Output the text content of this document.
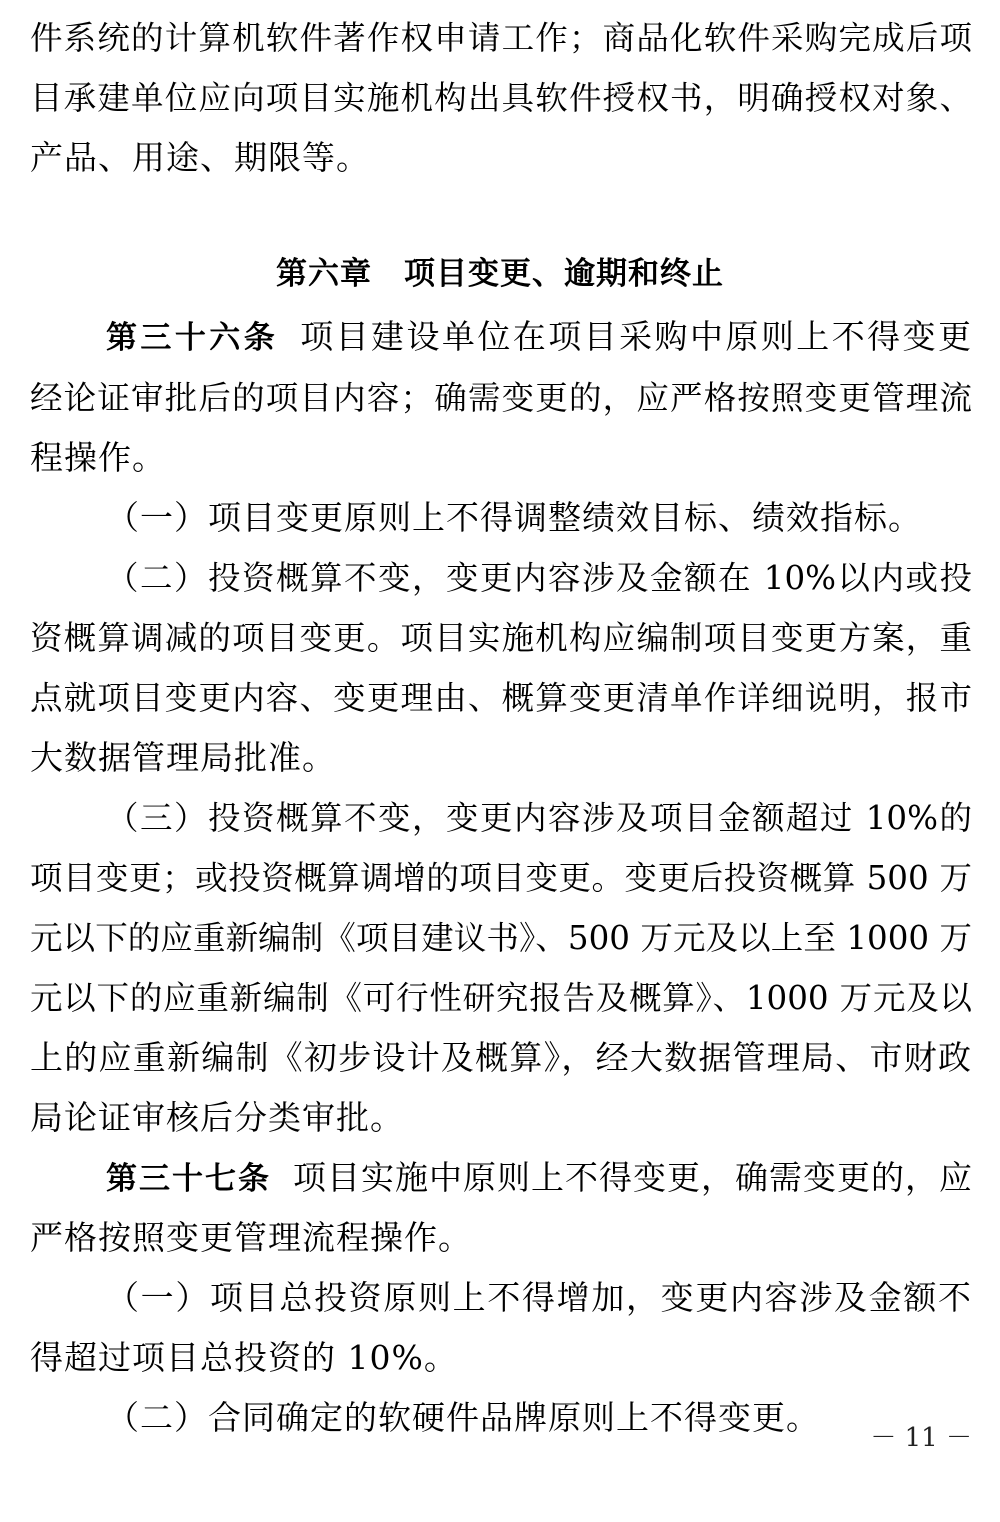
件系统的计算机软件著作权申请工作；商品化软件采购完成后项
目承建单位应向项目实施机构出具软件授权书，明确授权对象、
产品、用途、期限等。
第六章　项目变更、逾期和终止
第三十六条 项目建设单位在项目采购中原则上不得变更
经论证审批后的项目内容；确需变更的，应严格按照变更管理流
程操作。
（一）项目变更原则上不得调整绩效目标、绩效指标。
（二）投资概算不变，变更内容涉及金额在 10%以内或投
资概算调减的项目变更。项目实施机构应编制项目变更方案，重
点就项目变更内容、变更理由、概算变更清单作详细说明，报市
大数据管理局批准。
（三）投资概算不变，变更内容涉及项目金额超过 10%的
项目变更；或投资概算调增的项目变更。变更后投资概算 500 万
元以下的应重新编制《项目建议书》、500 万元及以上至 1000 万
元以下的应重新编制《可行性研究报告及概算》、1000 万元及以
上的应重新编制《初步设计及概算》，经大数据管理局、市财政
局论证审核后分类审批。
第三十七条 项目实施中原则上不得变更，确需变更的，应
严格按照变更管理流程操作。
（一）项目总投资原则上不得增加，变更内容涉及金额不
得超过项目总投资的 10%。
（二）合同确定的软硬件品牌原则上不得变更。
－ 11 －
